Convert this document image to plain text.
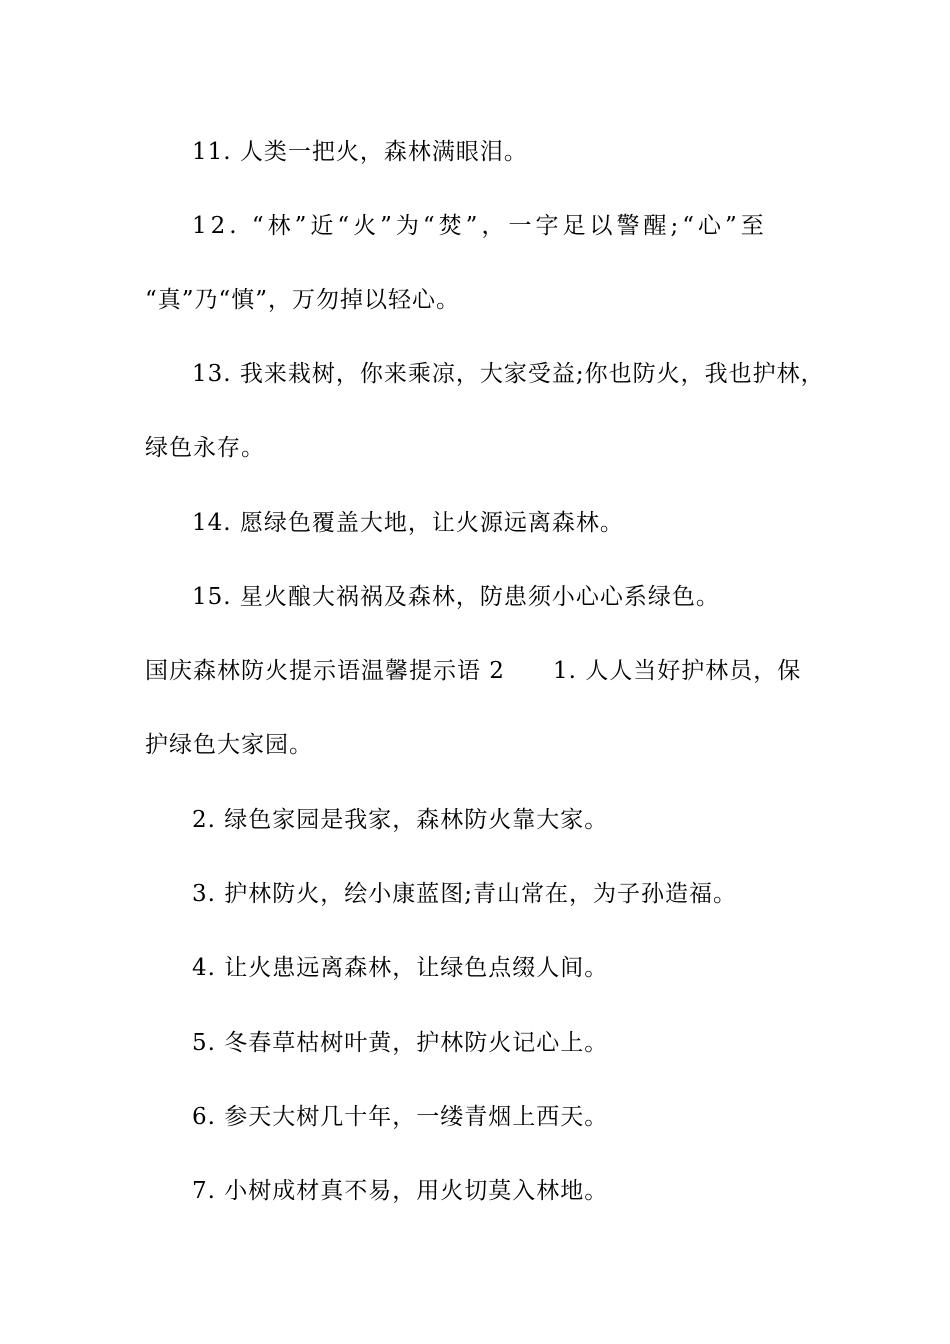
11. 人类一把火，森林满眼泪。
12. “林”近“火”为“焚”，一字足以警醒;“心”至
“真”乃“慎”，万勿掉以轻心。
13. 我来栽树，你来乘凉，大家受益;你也防火，我也护林，
绿色永存。
14. 愿绿色覆盖大地，让火源远离森林。
15. 星火酿大祸祸及森林，防患须小心心系绿色。
国庆森林防火提示语温馨提示语 2　　1. 人人当好护林员，保
护绿色大家园。
2. 绿色家园是我家，森林防火靠大家。
3. 护林防火，绘小康蓝图;青山常在，为子孙造福。
4. 让火患远离森林，让绿色点缀人间。
5. 冬春草枯树叶黄，护林防火记心上。
6. 参天大树几十年，一缕青烟上西天。
7. 小树成材真不易，用火切莫入林地。
